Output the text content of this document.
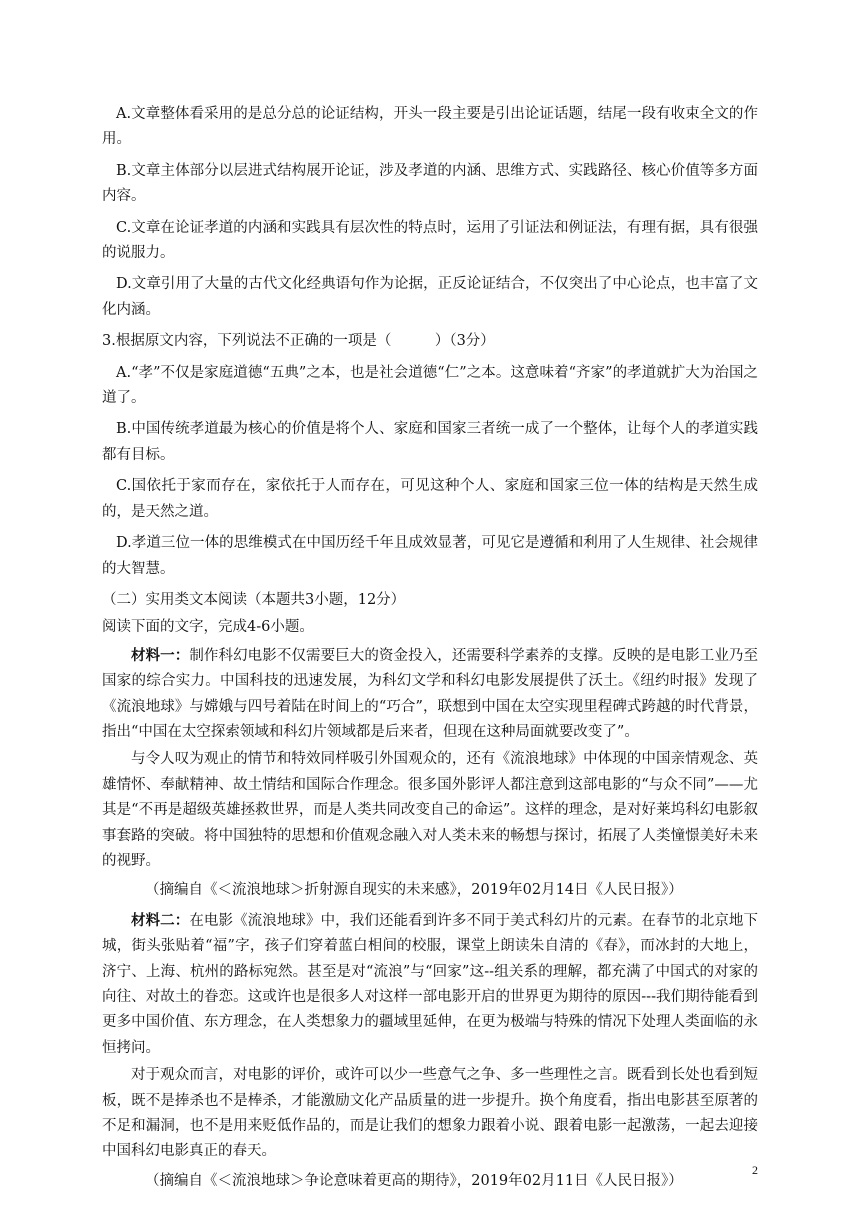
A.文章整体看采用的是总分总的论证结构，开头一段主要是引出论证话题，结尾一段有收束全文的作用。

B.文章主体部分以层进式结构展开论证，涉及孝道的内涵、思维方式、实践路径、核心价值等多方面内容。

C.文章在论证孝道的内涵和实践具有层次性的特点时，运用了引证法和例证法，有理有据，具有很强的说服力。

D.文章引用了大量的古代文化经典语句作为论据，正反论证结合，不仅突出了中心论点，也丰富了文化内涵。

3.根据原文内容，下列说法不正确的一项是（　　　）（3分）

A.“孝”不仅是家庭道德“五典”之本，也是社会道德“仁”之本。这意味着“齐家”的孝道就扩大为治国之道了。

B.中国传统孝道最为核心的价值是将个人、家庭和国家三者统一成了一个整体，让每个人的孝道实践都有目标。

C.国依托于家而存在，家依托于人而存在，可见这种个人、家庭和国家三位一体的结构是天然生成的，是天然之道。

D.孝道三位一体的思维模式在中国历经千年且成效显著，可见它是遵循和利用了人生规律、社会规律的大智慧。

（二）实用类文本阅读（本题共3小题，12分）

阅读下面的文字，完成4-6小题。

材料一：制作科幻电影不仅需要巨大的资金投入，还需要科学素养的支撑。反映的是电影工业乃至国家的综合实力。中国科技的迅速发展，为科幻文学和科幻电影发展提供了沃土。《纽约时报》发现了《流浪地球》与嫦娥与四号着陆在时间上的“巧合”，联想到中国在太空实现里程碑式跨越的时代背景，指出“中国在太空探索领域和科幻片领域都是后来者，但现在这种局面就要改变了”。

与令人叹为观止的情节和特效同样吸引外国观众的，还有《流浪地球》中体现的中国亲情观念、英雄情怀、奉献精神、故土情结和国际合作理念。很多国外影评人都注意到这部电影的“与众不同”——尤其是“不再是超级英雄拯救世界，而是人类共同改变自己的命运”。这样的理念，是对好莱坞科幻电影叙事套路的突破。将中国独特的思想和价值观念融入对人类未来的畅想与探讨，拓展了人类憧憬美好未来的视野。

（摘编自《＜流浪地球＞折射源自现实的未来感》，2019年02月14日《人民日报》）

材料二：在电影《流浪地球》中，我们还能看到许多不同于美式科幻片的元素。在春节的北京地下城，街头张贴着“福”字，孩子们穿着蓝白相间的校服，课堂上朗读朱自清的《春》，而冰封的大地上，济宁、上海、杭州的路标宛然。甚至是对“流浪”与“回家”这--组关系的理解，都充满了中国式的对家的向往、对故土的眷恋。这或许也是很多人对这样一部电影开启的世界更为期待的原因---我们期待能看到更多中国价值、东方理念，在人类想象力的疆域里延伸，在更为极端与特殊的情况下处理人类面临的永恒拷问。

对于观众而言，对电影的评价，或许可以少一些意气之争、多一些理性之言。既看到长处也看到短板，既不是捧杀也不是棒杀，才能激励文化产品质量的进一步提升。换个角度看，指出电影甚至原著的不足和漏洞，也不是用来贬低作品的，而是让我们的想象力跟着小说、跟着电影一起激荡，一起去迎接中国科幻电影真正的春天。

（摘编自《＜流浪地球＞争论意味着更高的期待》，2019年02月11日《人民日报》）

2
